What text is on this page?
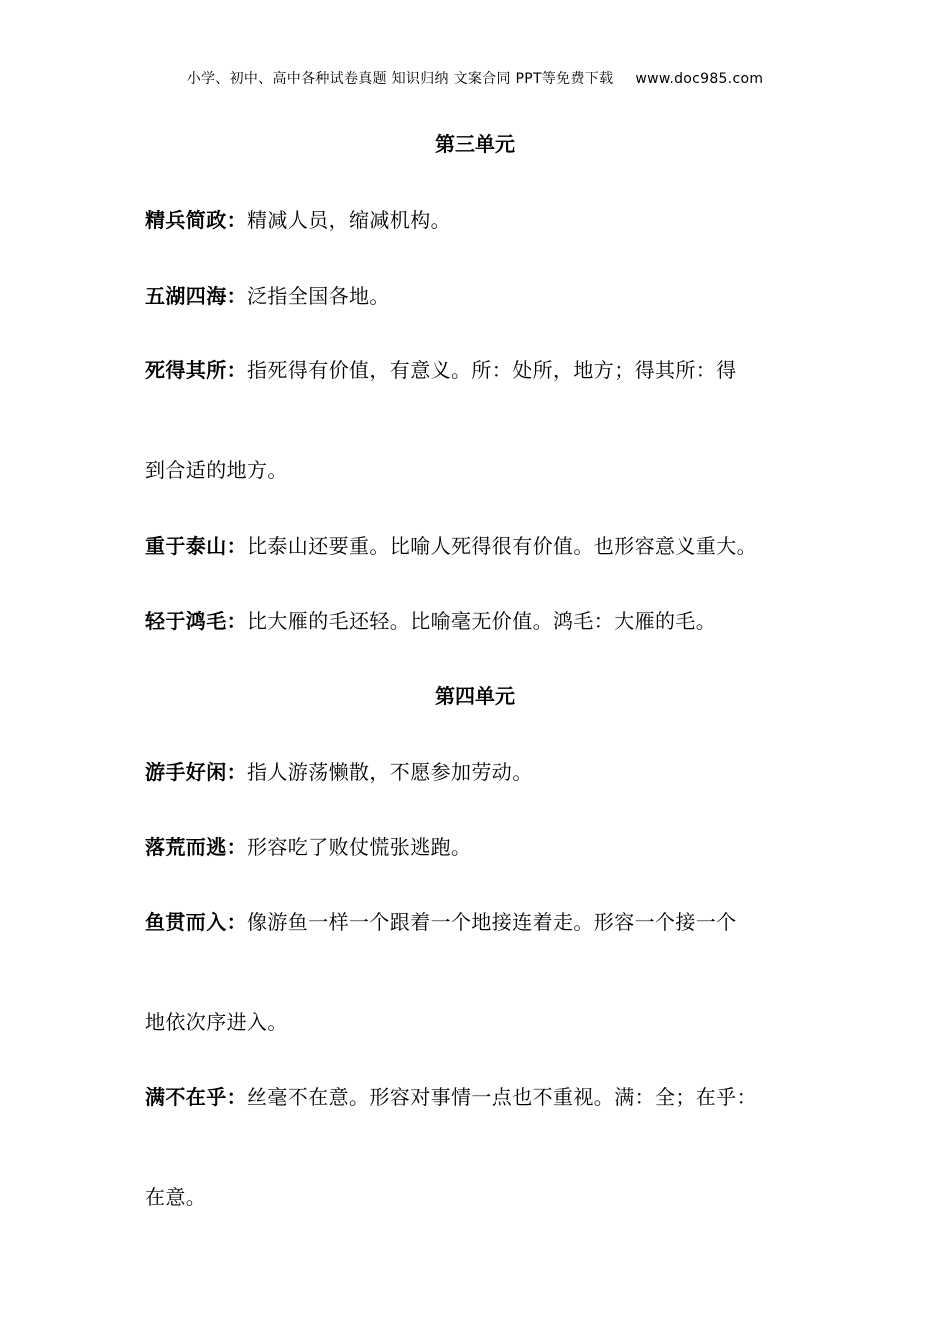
小学、初中、高中各种试卷真题 知识归纳 文案合同 PPT等免费下载 www.doc985.com
第三单元
精兵简政：精减人员，缩减机构。
五湖四海：泛指全国各地。
死得其所：指死得有价值，有意义。所：处所，地方；得其所：得
到合适的地方。
重于泰山：比泰山还要重。比喻人死得很有价值。也形容意义重大。
轻于鸿毛：比大雁的毛还轻。比喻毫无价值。鸿毛：大雁的毛。
第四单元
游手好闲：指人游荡懒散，不愿参加劳动。
落荒而逃：形容吃了败仗慌张逃跑。
鱼贯而入：像游鱼一样一个跟着一个地接连着走。形容一个接一个
地依次序进入。
满不在乎：丝毫不在意。形容对事情一点也不重视。满：全；在乎：
在意。
